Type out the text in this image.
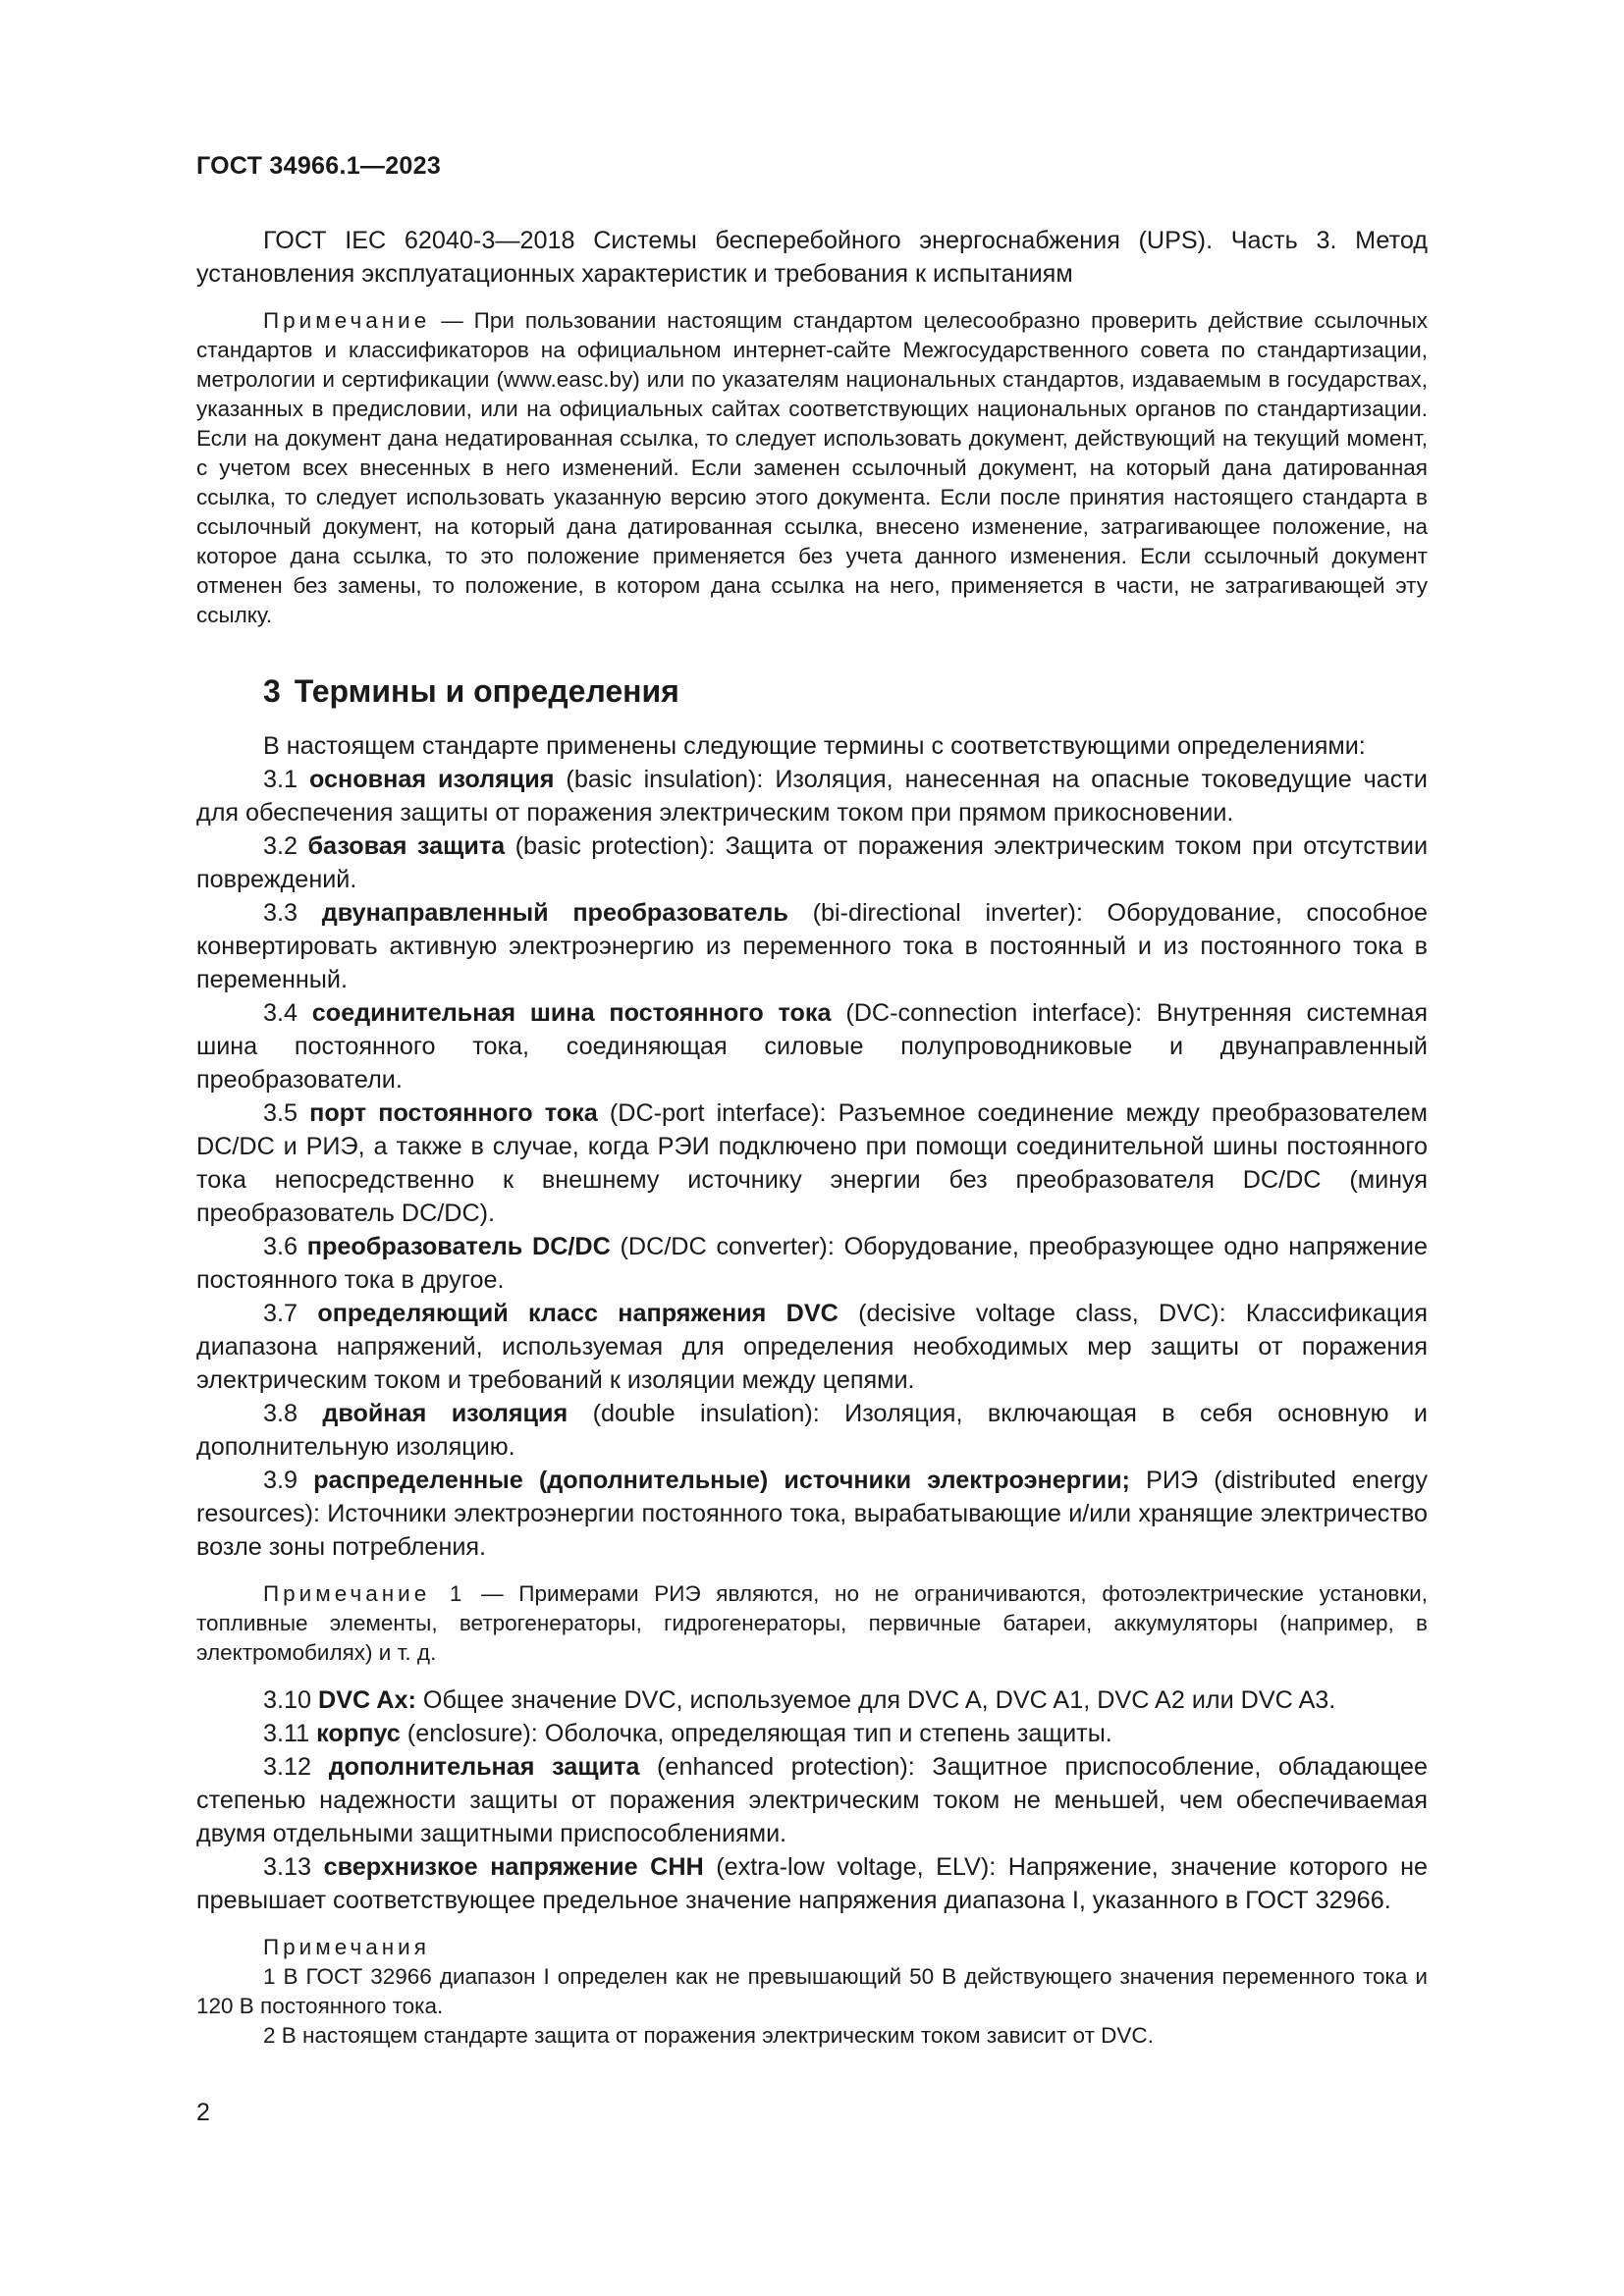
ГОСТ 34966.1—2023

ГОСТ IEC 62040-3—2018 Системы бесперебойного энергоснабжения (UPS). Часть 3. Метод установления эксплуатационных характеристик и требования к испытаниям

Примечание — При пользовании настоящим стандартом целесообразно проверить действие ссылочных стандартов и классификаторов на официальном интернет-сайте Межгосударственного совета по стандартизации, метрологии и сертификации (www.easc.by) или по указателям национальных стандартов, издаваемым в государствах, указанных в предисловии, или на официальных сайтах соответствующих национальных органов по стандартизации. Если на документ дана недатированная ссылка, то следует использовать документ, действующий на текущий момент, с учетом всех внесенных в него изменений. Если заменен ссылочный документ, на который дана датированная ссылка, то следует использовать указанную версию этого документа. Если после принятия настоящего стандарта в ссылочный документ, на который дана датированная ссылка, внесено изменение, затрагивающее положение, на которое дана ссылка, то это положение применяется без учета данного изменения. Если ссылочный документ отменен без замены, то положение, в котором дана ссылка на него, применяется в части, не затрагивающей эту ссылку.

3 Термины и определения

В настоящем стандарте применены следующие термины с соответствующими определениями:

3.1 основная изоляция (basic insulation): Изоляция, нанесенная на опасные токоведущие части для обеспечения защиты от поражения электрическим током при прямом прикосновении.

3.2 базовая защита (basic protection): Защита от поражения электрическим током при отсутствии повреждений.

3.3 двунаправленный преобразователь (bi-directional inverter): Оборудование, способное конвертировать активную электроэнергию из переменного тока в постоянный и из постоянного тока в переменный.

3.4 соединительная шина постоянного тока (DC-connection interface): Внутренняя системная шина постоянного тока, соединяющая силовые полупроводниковые и двунаправленный преобразователи.

3.5 порт постоянного тока (DC-port interface): Разъемное соединение между преобразователем DC/DC и РИЭ, а также в случае, когда РЭИ подключено при помощи соединительной шины постоянного тока непосредственно к внешнему источнику энергии без преобразователя DC/DC (минуя преобразователь DC/DC).

3.6 преобразователь DC/DC (DC/DC converter): Оборудование, преобразующее одно напряжение постоянного тока в другое.

3.7 определяющий класс напряжения DVC (decisive voltage class, DVC): Классификация диапазона напряжений, используемая для определения необходимых мер защиты от поражения электрическим током и требований к изоляции между цепями.

3.8 двойная изоляция (double insulation): Изоляция, включающая в себя основную и дополнительную изоляцию.

3.9 распределенные (дополнительные) источники электроэнергии; РИЭ (distributed energy resources): Источники электроэнергии постоянного тока, вырабатывающие и/или хранящие электричество возле зоны потребления.

Примечание 1 — Примерами РИЭ являются, но не ограничиваются, фотоэлектрические установки, топливные элементы, ветрогенераторы, гидрогенераторы, первичные батареи, аккумуляторы (например, в электромобилях) и т. д.

3.10 DVC Ax: Общее значение DVC, используемое для DVC A, DVC A1, DVC A2 или DVC A3.

3.11 корпус (enclosure): Оболочка, определяющая тип и степень защиты.

3.12 дополнительная защита (enhanced protection): Защитное приспособление, обладающее степенью надежности защиты от поражения электрическим током не меньшей, чем обеспечиваемая двумя отдельными защитными приспособлениями.

3.13 сверхнизкое напряжение СНН (extra-low voltage, ELV): Напряжение, значение которого не превышает соответствующее предельное значение напряжения диапазона I, указанного в ГОСТ 32966.

Примечания

1 В ГОСТ 32966 диапазон I определен как не превышающий 50 В действующего значения переменного тока и 120 В постоянного тока.

2 В настоящем стандарте защита от поражения электрическим током зависит от DVC.

2
